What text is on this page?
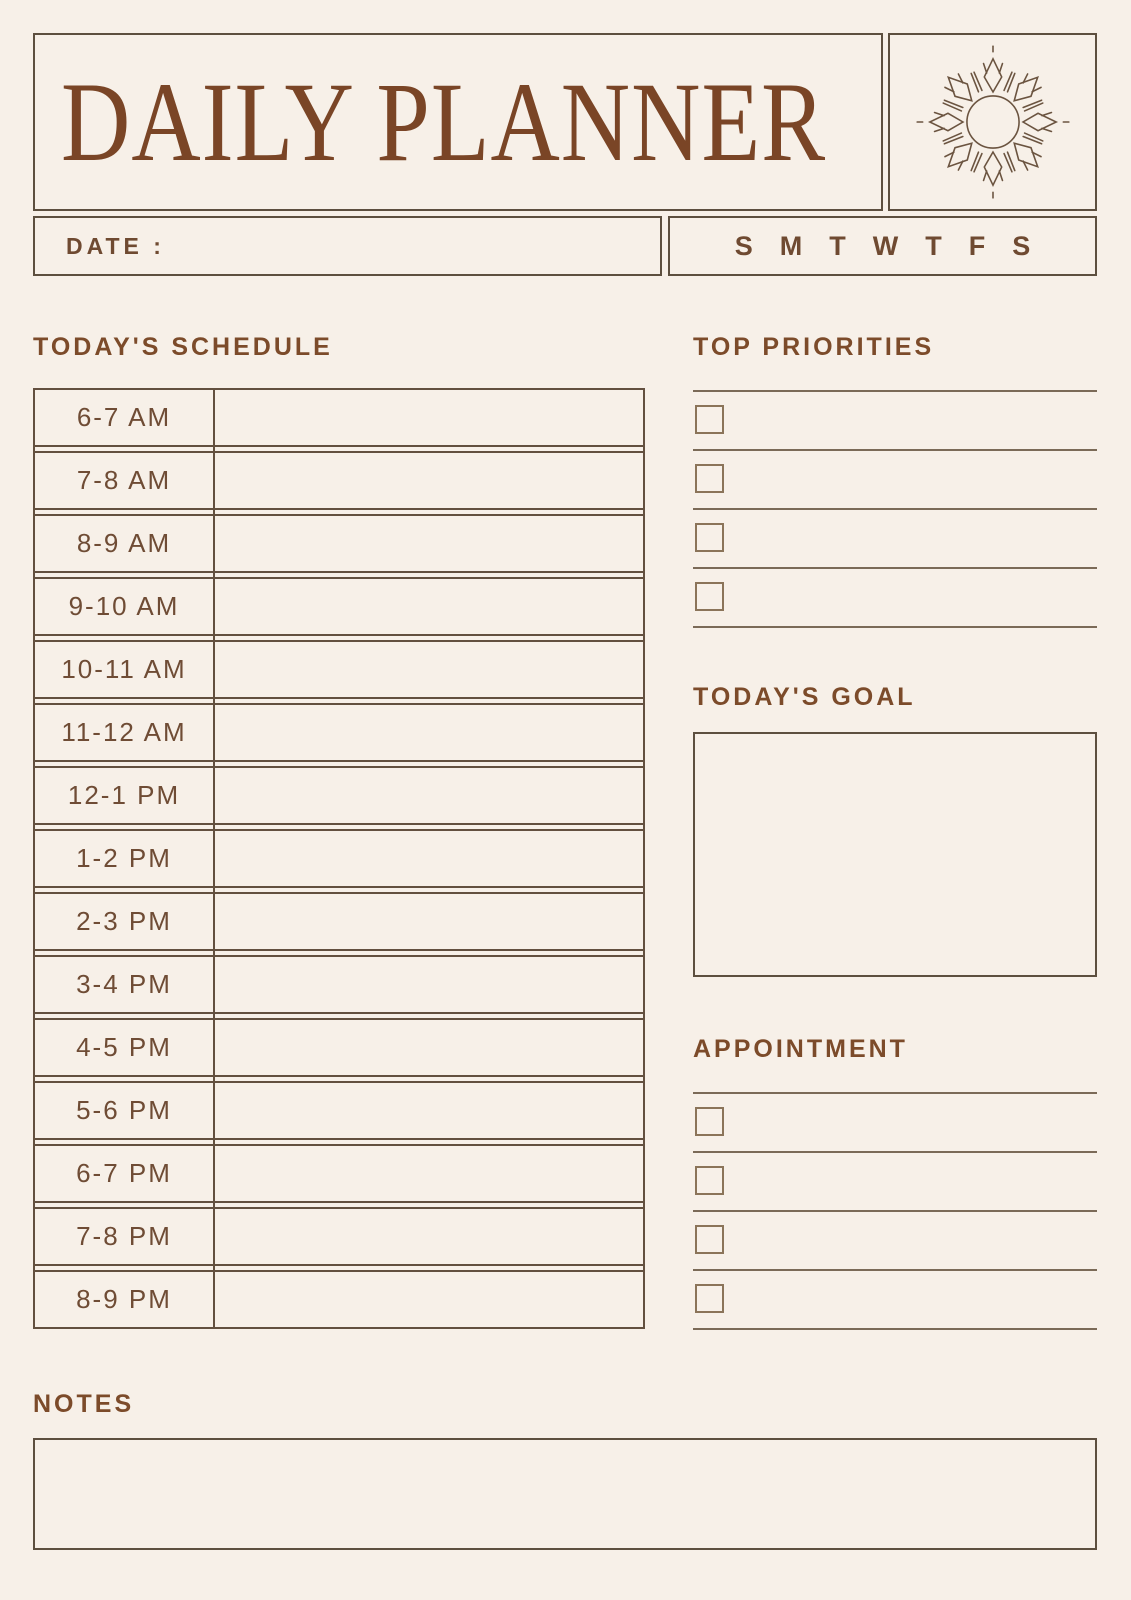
DAILY PLANNER
DATE :	S M T W T F S
TODAY'S SCHEDULE
6-7 AM
7-8 AM
8-9 AM
9-10 AM
10-11 AM
11-12 AM
12-1 PM
1-2 PM
2-3 PM
3-4 PM
4-5 PM
5-6 PM
6-7 PM
7-8 PM
8-9 PM
TOP PRIORITIES
TODAY'S GOAL
APPOINTMENT
NOTES
